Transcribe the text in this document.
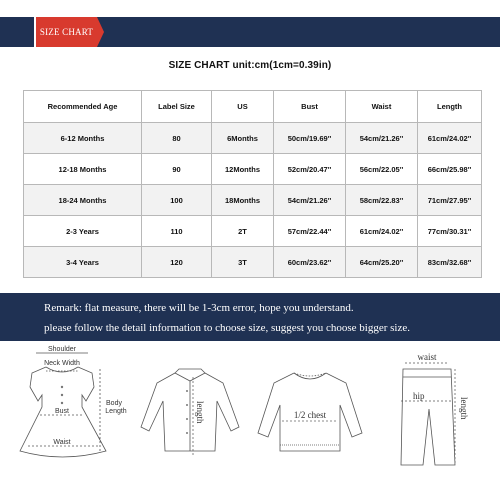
SIZE CHART
SIZE CHART unit:cm(1cm=0.39in)
Recommended Age	Label Size	US	Bust	Waist	Length
6-12 Months	80	6Months	50cm/19.69''	54cm/21.26''	61cm/24.02''
12-18 Months	90	12Months	52cm/20.47''	56cm/22.05''	66cm/25.98''
18-24 Months	100	18Months	54cm/21.26''	58cm/22.83''	71cm/27.95''
2-3 Years	110	2T	57cm/22.44''	61cm/24.02''	77cm/30.31''
3-4 Years	120	3T	60cm/23.62''	64cm/25.20''	83cm/32.68''
Remark: flat measure, there will be 1-3cm error, hope you understand.
please follow the detail information to choose size, suggest you choose bigger size.
Shoulder
Neck Width
Bust
Body
Length
Waist
length	1/2 chest
waist
hip
length
